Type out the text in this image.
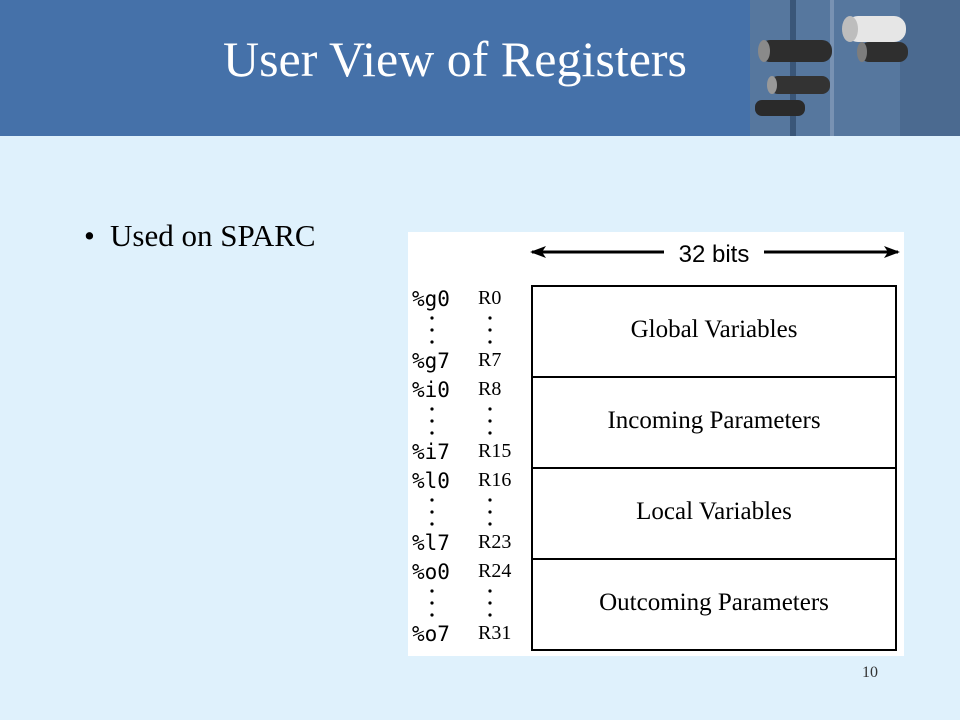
User View of Registers
• Used on SPARC
32 bits
Global Variables
Incoming Parameters
Local Variables
Outcoming Parameters
%g0
%g7
%i0
%i7
%l0
%l7
%o0
%o7
R0
R7
R8
R15
R16
R23
R24
R31
10
